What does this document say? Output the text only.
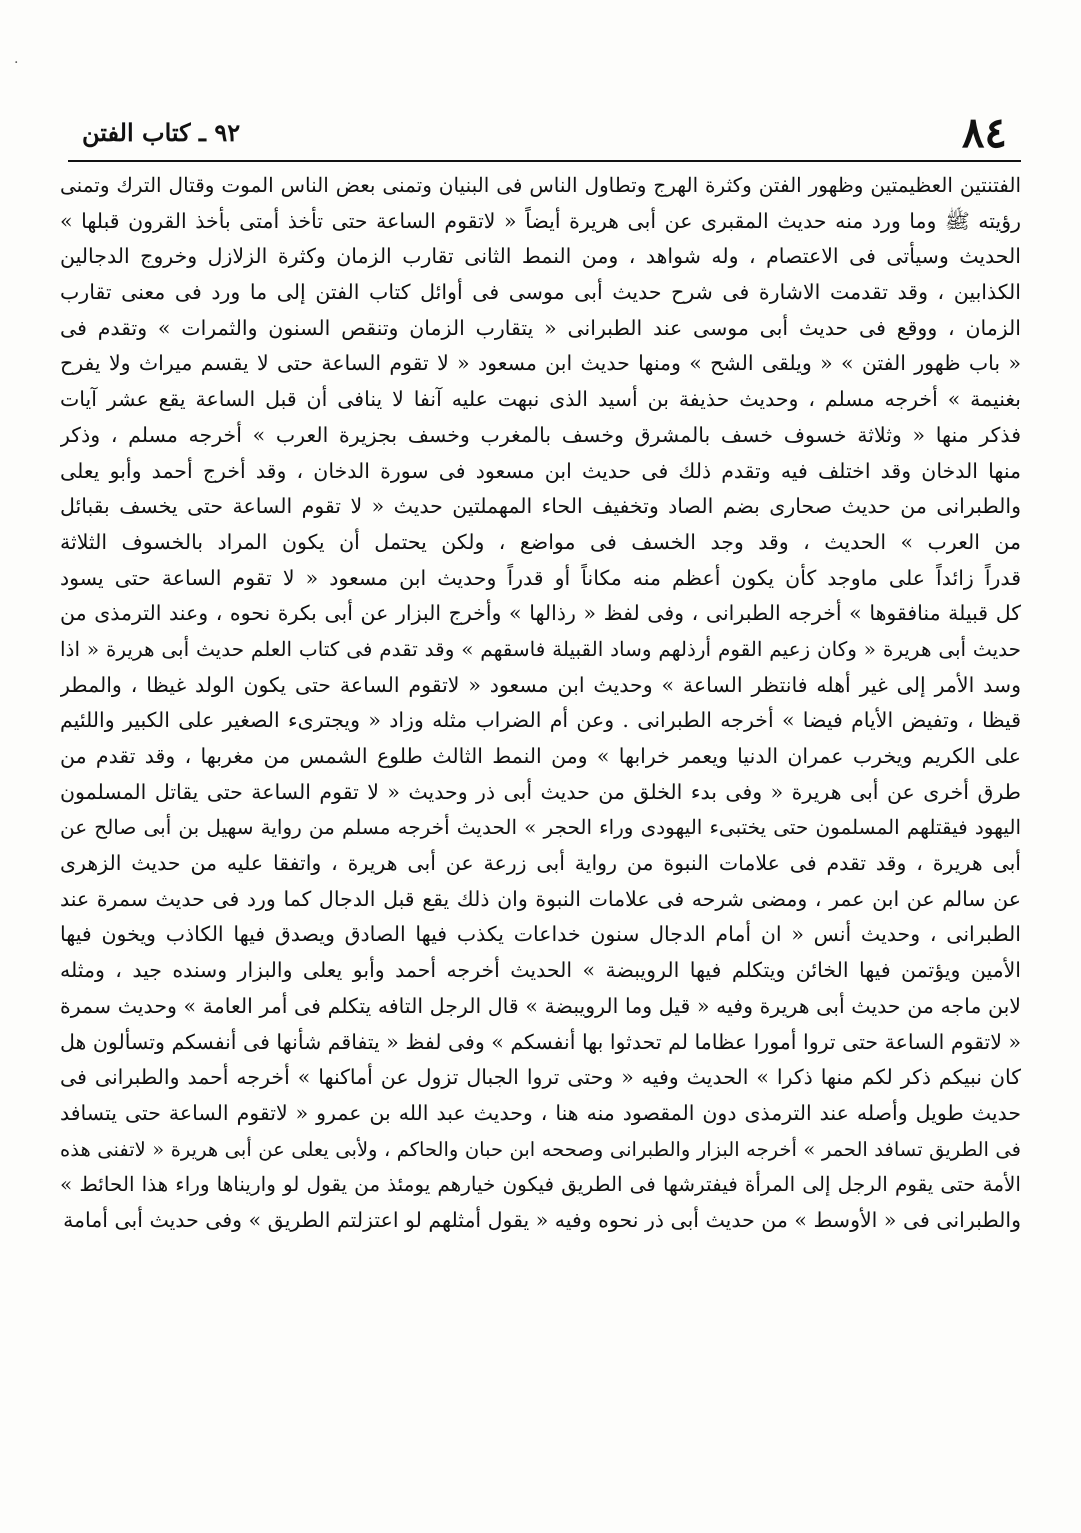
.
٨٤
٩٢ ـ كتاب الفتن
الفتنتين العظيمتين وظهور الفتن وكثرة الهرج وتطاول الناس فى البنيان وتمنى بعض الناس الموت وقتال الترك وتمنى
رؤيته ﷺ وما ورد منه حديث المقبرى عن أبى هريرة أيضاً « لاتقوم الساعة حتى تأخذ أمتى بأخذ القرون قبلها »
الحديث وسيأتى فى الاعتصام ، وله شواهد ، ومن النمط الثانى تقارب الزمان وكثرة الزلازل وخروج الدجالين
الكذابين ، وقد تقدمت الاشارة فى شرح حديث أبى موسى فى أوائل كتاب الفتن إلى ما ورد فى معنى تقارب
الزمان ، ووقع فى حديث أبى موسى عند الطبرانى « يتقارب الزمان وتنقص السنون والثمرات » وتقدم فى
« باب ظهور الفتن » « ويلقى الشح » ومنها حديث ابن مسعود « لا تقوم الساعة حتى لا يقسم ميراث ولا يفرح
بغنيمة » أخرجه مسلم ، وحديث حذيفة بن أسيد الذى نبهت عليه آنفا لا ينافى أن قبل الساعة يقع عشر آيات
فذكر منها « وثلاثة خسوف خسف بالمشرق وخسف بالمغرب وخسف بجزيرة العرب » أخرجه مسلم ، وذكر
منها الدخان وقد اختلف فيه وتقدم ذلك فى حديث ابن مسعود فى سورة الدخان ، وقد أخرج أحمد وأبو يعلى
والطبرانى من حديث صحارى بضم الصاد وتخفيف الحاء المهملتين حديث « لا تقوم الساعة حتى يخسف بقبائل
من العرب » الحديث ، وقد وجد الخسف فى مواضع ، ولكن يحتمل أن يكون المراد بالخسوف الثلاثة
قدراً زائداً على ماوجد كأن يكون أعظم منه مكاناً أو قدراً وحديث ابن مسعود « لا تقوم الساعة حتى يسود
كل قبيلة منافقوها » أخرجه الطبرانى ، وفى لفظ « رذالها » وأخرج البزار عن أبى بكرة نحوه ، وعند الترمذى من
حديث أبى هريرة « وكان زعيم القوم أرذلهم وساد القبيلة فاسقهم » وقد تقدم فى كتاب العلم حديث أبى هريرة « اذا
وسد الأمر إلى غير أهله فانتظر الساعة » وحديث ابن مسعود « لاتقوم الساعة حتى يكون الولد غيظا ، والمطر
قيظا ، وتفيض الأيام فيضا » أخرجه الطبرانى . وعن أم الضراب مثله وزاد « ويجترىء الصغير على الكبير واللئيم
على الكريم ويخرب عمران الدنيا ويعمر خرابها » ومن النمط الثالث طلوع الشمس من مغربها ، وقد تقدم من
طرق أخرى عن أبى هريرة « وفى بدء الخلق من حديث أبى ذر وحديث « لا تقوم الساعة حتى يقاتل المسلمون
اليهود فيقتلهم المسلمون حتى يختبىء اليهودى وراء الحجر » الحديث أخرجه مسلم من رواية سهيل بن أبى صالح عن
أبى هريرة ، وقد تقدم فى علامات النبوة من رواية أبى زرعة عن أبى هريرة ، واتفقا عليه من حديث الزهرى
عن سالم عن ابن عمر ، ومضى شرحه فى علامات النبوة وان ذلك يقع قبل الدجال كما ورد فى حديث سمرة عند
الطبرانى ، وحديث أنس « ان أمام الدجال سنون خداعات يكذب فيها الصادق ويصدق فيها الكاذب ويخون فيها
الأمين ويؤتمن فيها الخائن ويتكلم فيها الرويبضة » الحديث أخرجه أحمد وأبو يعلى والبزار وسنده جيد ، ومثله
لابن ماجه من حديث أبى هريرة وفيه « قيل وما الرويبضة » قال الرجل التافه يتكلم فى أمر العامة » وحديث سمرة
« لاتقوم الساعة حتى تروا أمورا عظاما لم تحدثوا بها أنفسكم » وفى لفظ « يتفاقم شأنها فى أنفسكم وتسألون هل
كان نبيكم ذكر لكم منها ذكرا » الحديث وفيه « وحتى تروا الجبال تزول عن أماكنها » أخرجه أحمد والطبرانى فى
حديث طويل وأصله عند الترمذى دون المقصود منه هنا ، وحديث عبد الله بن عمرو « لاتقوم الساعة حتى يتسافد
فى الطريق تسافد الحمر » أخرجه البزار والطبرانى وصححه ابن حبان والحاكم ، ولأبى يعلى عن أبى هريرة « لاتفنى هذه
الأمة حتى يقوم الرجل إلى المرأة فيفترشها فى الطريق فيكون خيارهم يومئذ من يقول لو واريناها وراء هذا الحائط »
والطبرانى فى « الأوسط » من حديث أبى ذر نحوه وفيه « يقول أمثلهم لو اعتزلتم الطريق » وفى حديث أبى أمامة
